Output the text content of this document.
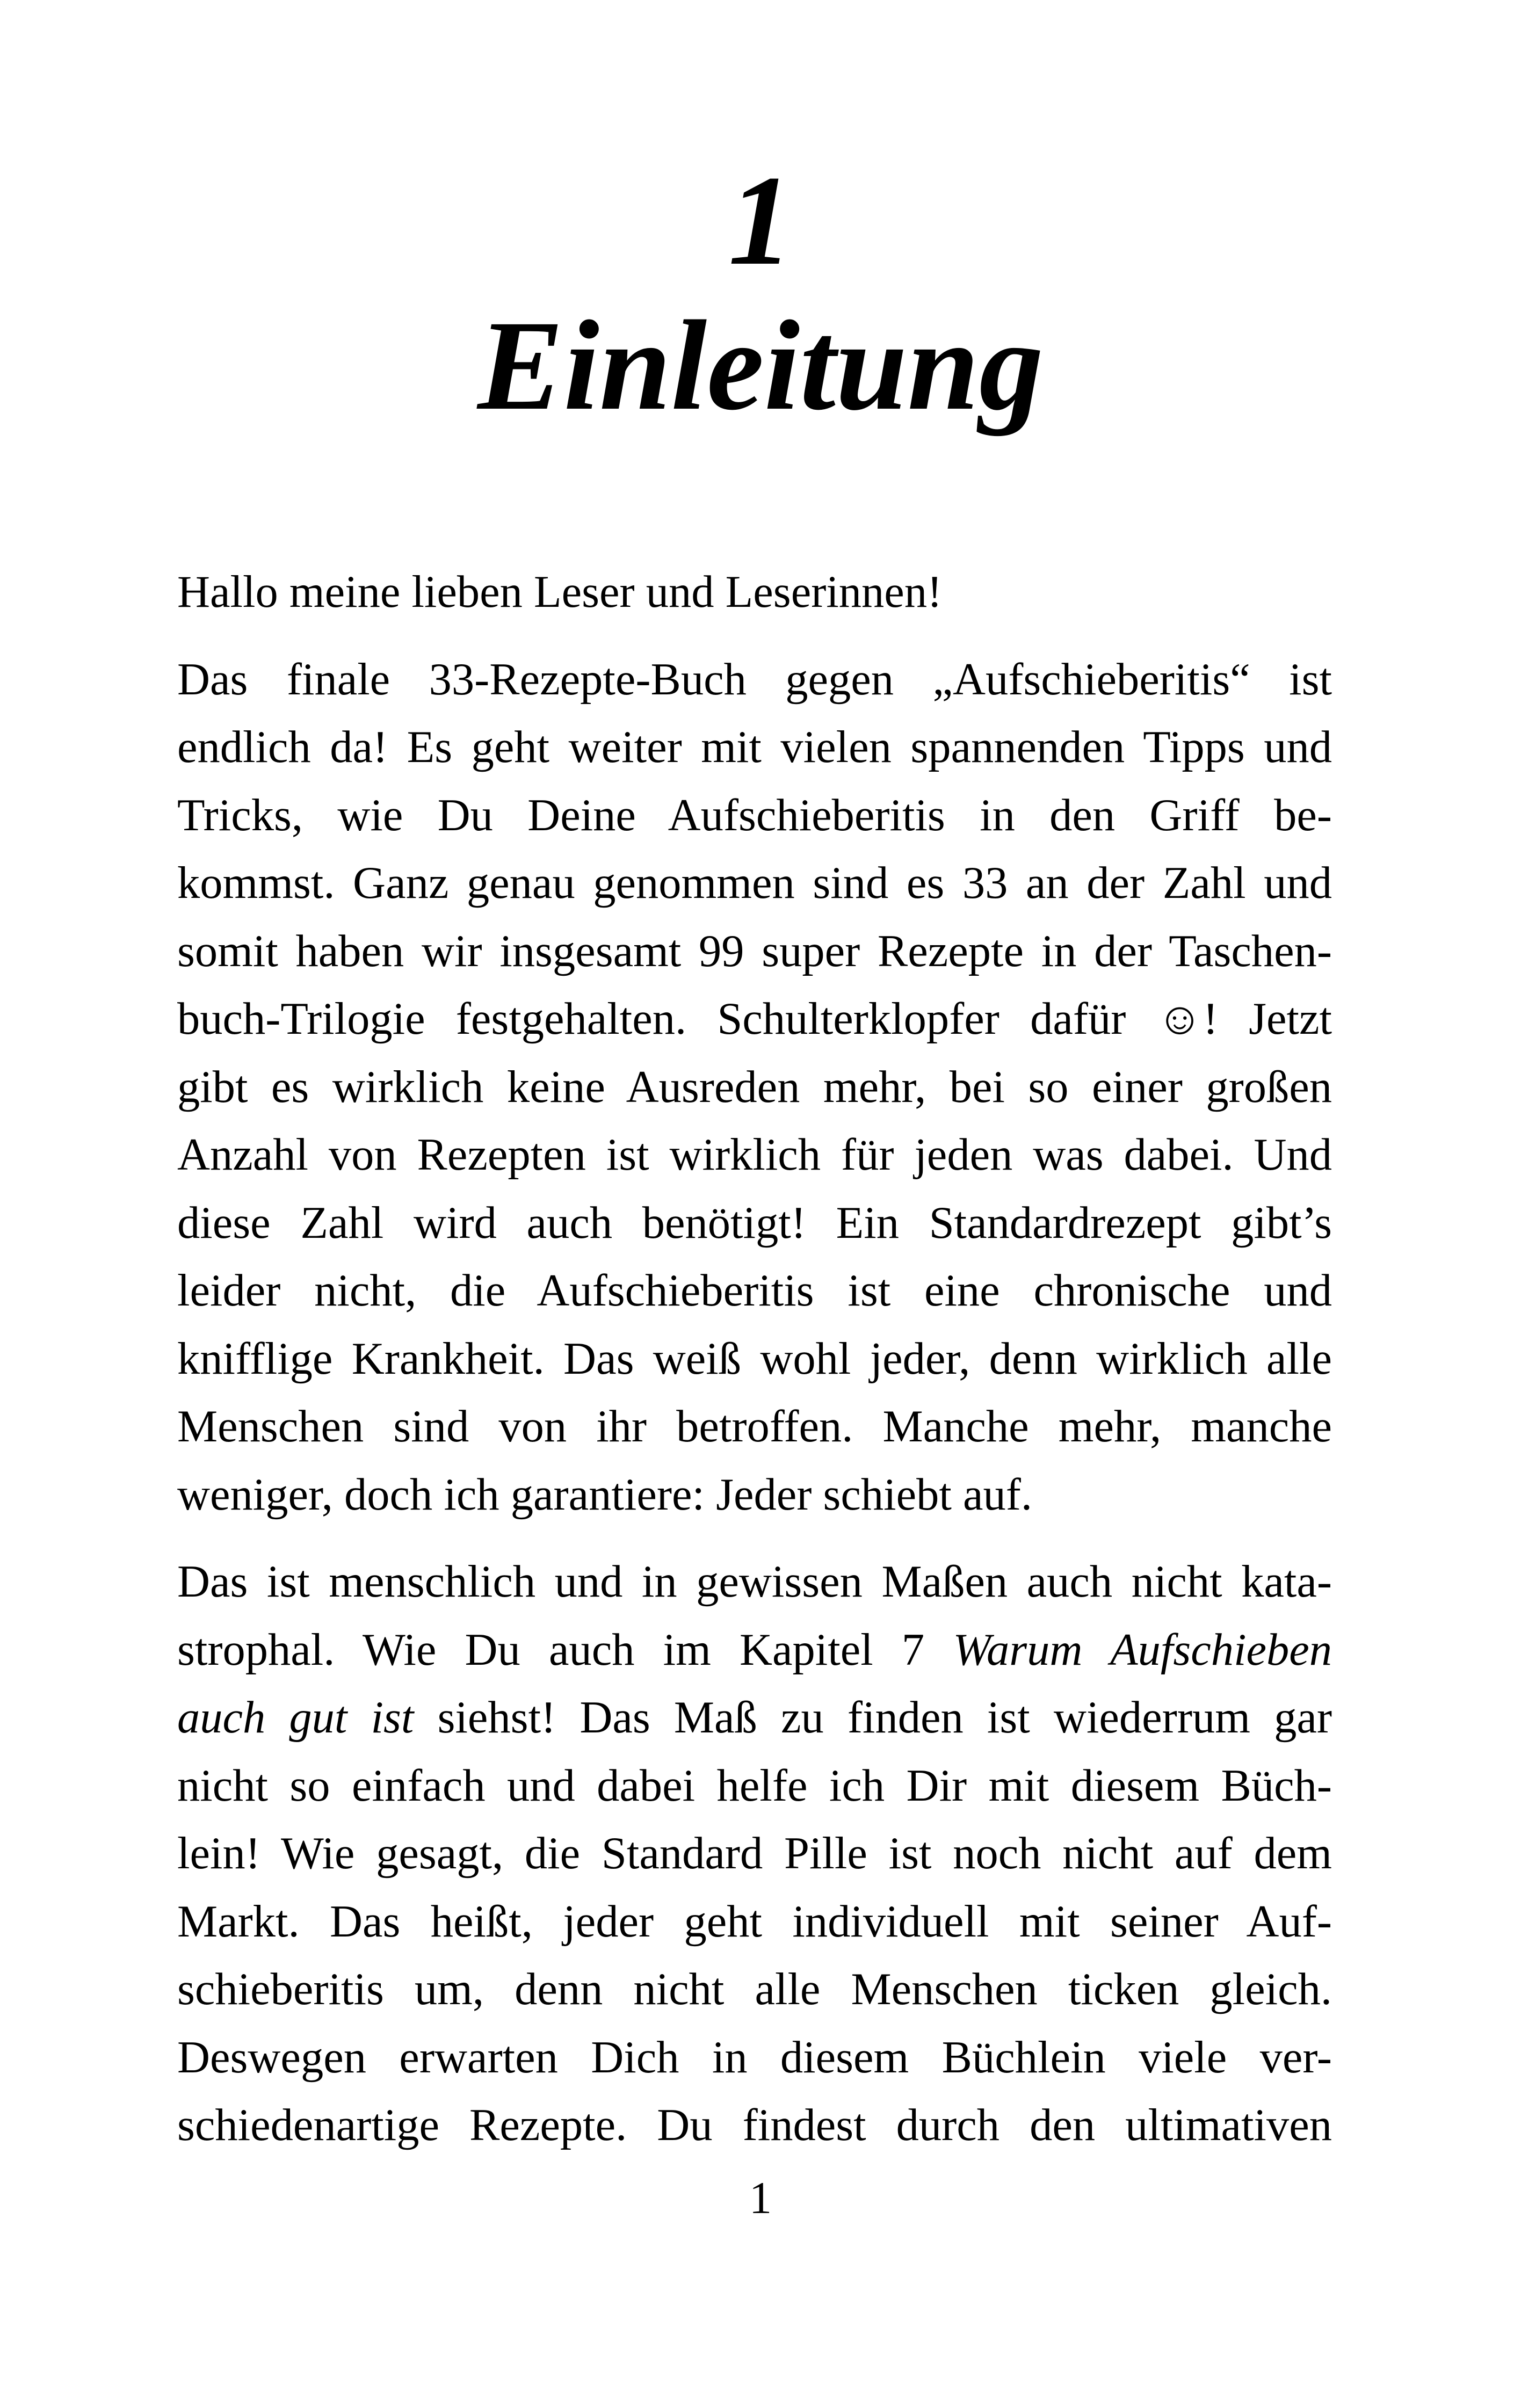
1
Einleitung

Hallo meine lieben Leser und Leserinnen!

Das finale 33-Rezepte-Buch gegen „Aufschieberitis“ ist
endlich da! Es geht weiter mit vielen spannenden Tipps und
Tricks, wie Du Deine Aufschieberitis in den Griff be-
kommst. Ganz genau genommen sind es 33 an der Zahl und
somit haben wir insgesamt 99 super Rezepte in der Taschen-
buch-Trilogie festgehalten. Schulterklopfer dafür ☺! Jetzt
gibt es wirklich keine Ausreden mehr, bei so einer großen
Anzahl von Rezepten ist wirklich für jeden was dabei. Und
diese Zahl wird auch benötigt! Ein Standardrezept gibt’s
leider nicht, die Aufschieberitis ist eine chronische und
knifflige Krankheit. Das weiß wohl jeder, denn wirklich alle
Menschen sind von ihr betroffen. Manche mehr, manche
weniger, doch ich garantiere: Jeder schiebt auf.

Das ist menschlich und in gewissen Maßen auch nicht kata-
strophal. Wie Du auch im Kapitel 7 Warum Aufschieben
auch gut ist siehst! Das Maß zu finden ist wiederrum gar
nicht so einfach und dabei helfe ich Dir mit diesem Büch-
lein! Wie gesagt, die Standard Pille ist noch nicht auf dem
Markt. Das heißt, jeder geht individuell mit seiner Auf-
schieberitis um, denn nicht alle Menschen ticken gleich.
Deswegen erwarten Dich in diesem Büchlein viele ver-
schiedenartige Rezepte. Du findest durch den ultimativen

1
